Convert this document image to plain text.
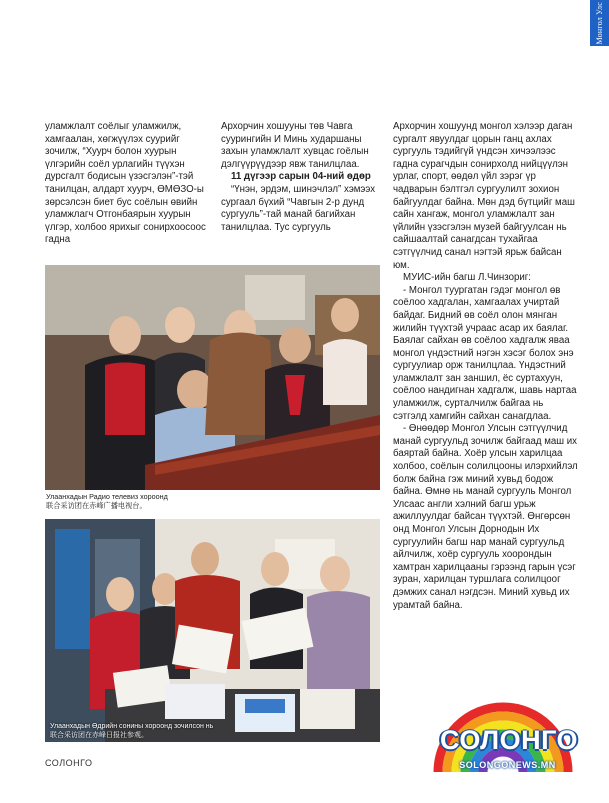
Монгол Улс

уламжлалт соёлыг уламжилж, хамгаалан, хөгжүүлэх суурийг зочилж, “Хуурч болон хуурын үлгэрийн соёл урлагийн түүхэн дурсгалт бодисын үзэсгэлэн”-тэй танилцан, алдарт хуурч, ӨМӨЗО-ы зөрсэлсэн биет бус соёлын өвийн уламжлагч Отгонбаярын хуурын үлгэр, холбоо ярихыг сонирхоосоос гадна

Архорчин хошууны төв Чавга суурингийн И Минь хударшаны захын уламжлалт хувцас гоёлын дэлгүүрүүдээр явж танилцлаа.

11 дүгээр сарын 04-ний өдөр

“Үнэн, эрдэм, шинэчлэл” хэмээх сургаал бүхий “Чавгын 2-р дунд сургууль”-тай манай багийхан танилцлаа. Тус сургууль

Архорчин хошуунд монгол хэлээр даган сургалт явуулдаг цорын ганц ахлах сургууль тэдийгүй үндсэн хичээлээс гадна сурагчдын сонирхолд нийцүүлэн урлаг, спорт, өөдөл үйл зэрэг үр чадварын бэлтгэл сургуулилт зохион байгуулдаг байна. Мөн дэд бүтцийг маш сайн хангаж, монгол уламжлалт зан үйлийн үзэсгэлэн музей байгуулсан нь сайшаалтай санагдсан тухайгаа сэтгүүлчид санал нэгтэй ярьж байсан юм.

МУИС-ийн багш Л.Чинзориг:

- Монгол туургатан гэдэг монгол өв соёлоо хадгалан, хамгаалах учиртай байдаг. Бидний өв соёл олон мянган жилийн түүхтэй учраас асар их баялаг. Баялаг сайхан өв соёлоо хадгалж яваа монгол үндэстний нэгэн хэсэг болох энэ сургуулиар орж танилцлаа. Үндэстний уламжлалт зан заншил, ёс суртахуун, соёлоо нандигнан хадгалж, шавь нартаа уламжилж, сурталчилж байгаа нь сэтгэлд хамгийн сайхан санагдлаа.

- Өнөөдөр Монгол Улсын сэтгүүлчид манай сургуульд зочилж байгаад маш их баяртай байна. Хоёр улсын харилцаа холбоо, соёлын солилцооны илэрхийлэл болж байна гэж миний хувьд бодож байна. Өмнө нь манай сургууль Монгол Улсаас англи хэлний багш урьж ажиллуулдаг байсан түүхтэй. Өнгөрсөн онд Монгол Улсын Дорнодын Их сургуулийн багш нар манай сургуульд айлчилж, хоёр сургууль хоорондын хамтран харилцааны гэрээнд гарын үсэг зуран, харилцан туршлага солилцоог дэмжих санал нэгдсэн. Миний хувьд их урамтай байна.

Улаанхадын Радио телевиз хороонд
联合采访团在赤峰广播电视台。
Улаанхадын Өдрийн сонины хороонд зочилсон нь
联合采访团在赤峰日报社参观。
СОЛОНГО
СОЛОНГО
SOLONGONEWS.MN
